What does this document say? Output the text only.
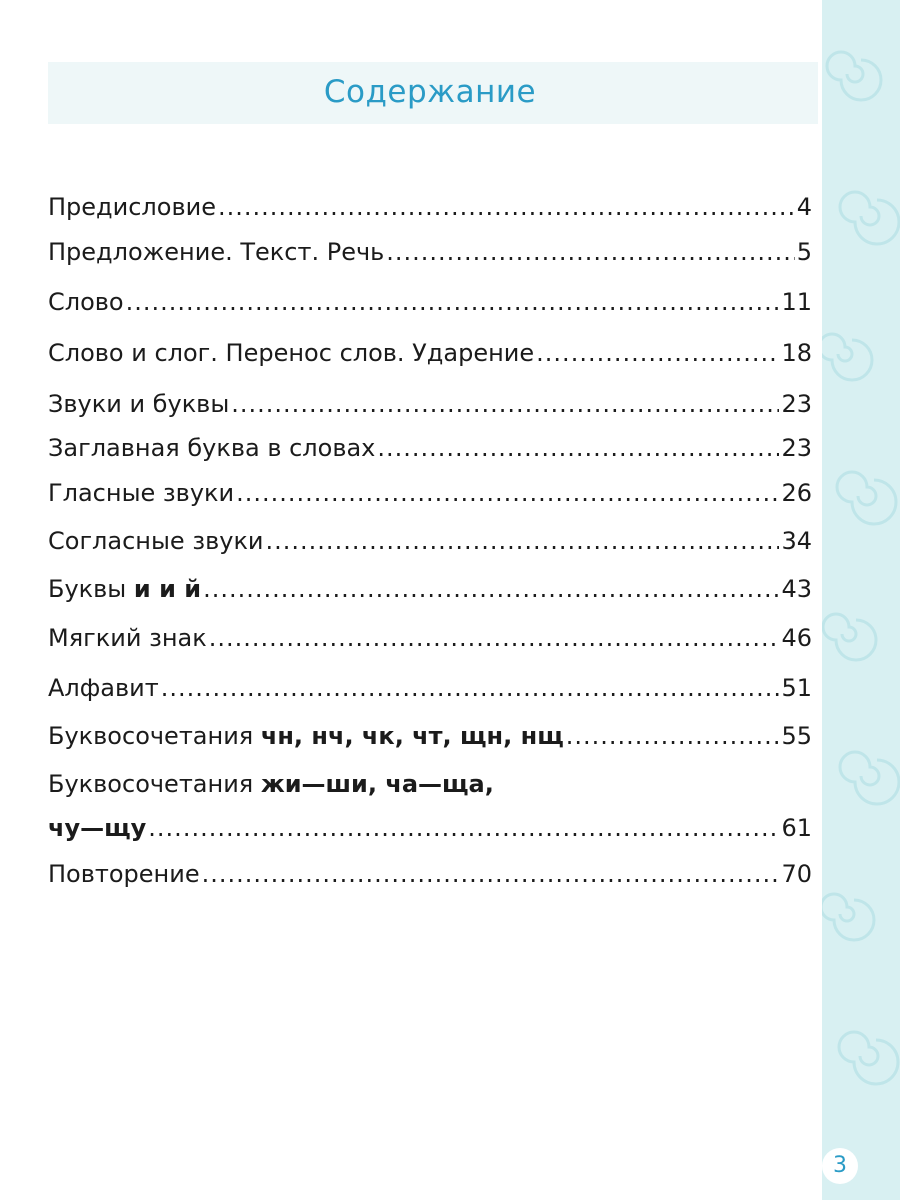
Содержание
Предисловие .....	4
Предложение. Текст. Речь .....	5
Слово .....	11
Слово и слог. Перенос слов. Ударение .....	18
Звуки и буквы .....	23
Заглавная буква в словах .....	23
Гласные звуки .....	26
Согласные звуки .....	34
Буквы и и й .....	43
Мягкий знак .....	46
Алфавит .....	51
Буквосочетания чн, нч, чк, чт, щн, нщ .....	55
Буквосочетания жи—ши, ча—ща,
чу—щу .....	61
Повторение .....	70
3
